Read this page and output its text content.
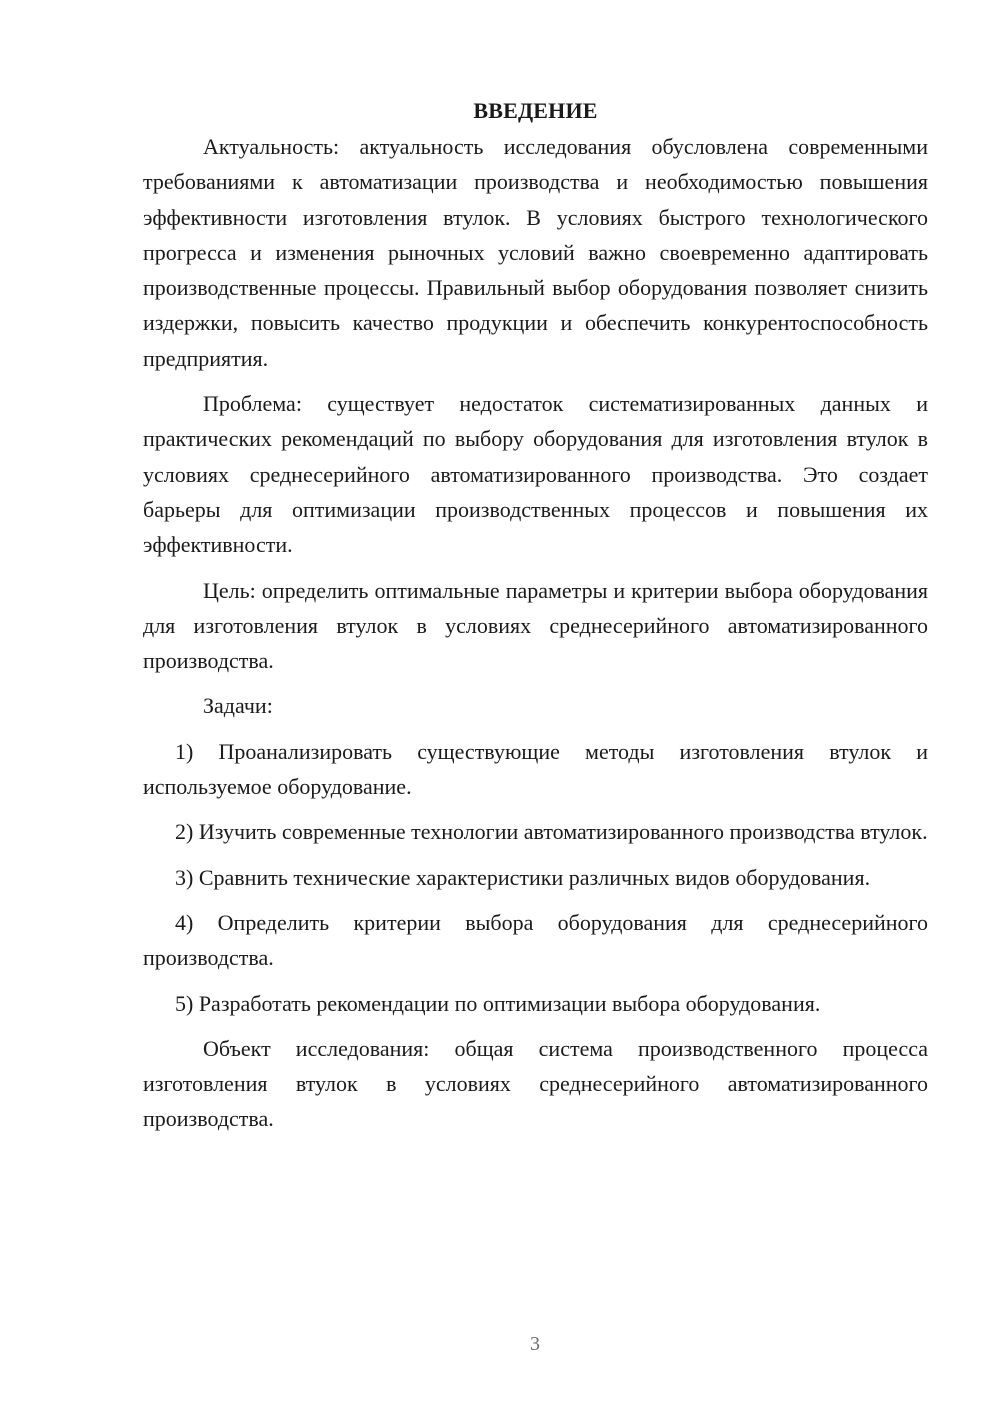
ВВЕДЕНИЕ

Актуальность: актуальность исследования обусловлена современными требованиями к автоматизации производства и необходимостью повышения эффективности изготовления втулок. В условиях быстрого технологического прогресса и изменения рыночных условий важно своевременно адаптировать производственные процессы. Правильный выбор оборудования позволяет снизить издержки, повысить качество продукции и обеспечить конкурентоспособность предприятия.

Проблема: существует недостаток систематизированных данных и практических рекомендаций по выбору оборудования для изготовления втулок в условиях среднесерийного автоматизированного производства. Это создает барьеры для оптимизации производственных процессов и повышения их эффективности.

Цель: определить оптимальные параметры и критерии выбора оборудования для изготовления втулок в условиях среднесерийного автоматизированного производства.

Задачи:

1) Проанализировать существующие методы изготовления втулок и используемое оборудование.

2) Изучить современные технологии автоматизированного производства втулок.

3) Сравнить технические характеристики различных видов оборудования.

4) Определить критерии выбора оборудования для среднесерийного производства.

5) Разработать рекомендации по оптимизации выбора оборудования.

Объект исследования: общая система производственного процесса изготовления втулок в условиях среднесерийного автоматизированного производства.

3
